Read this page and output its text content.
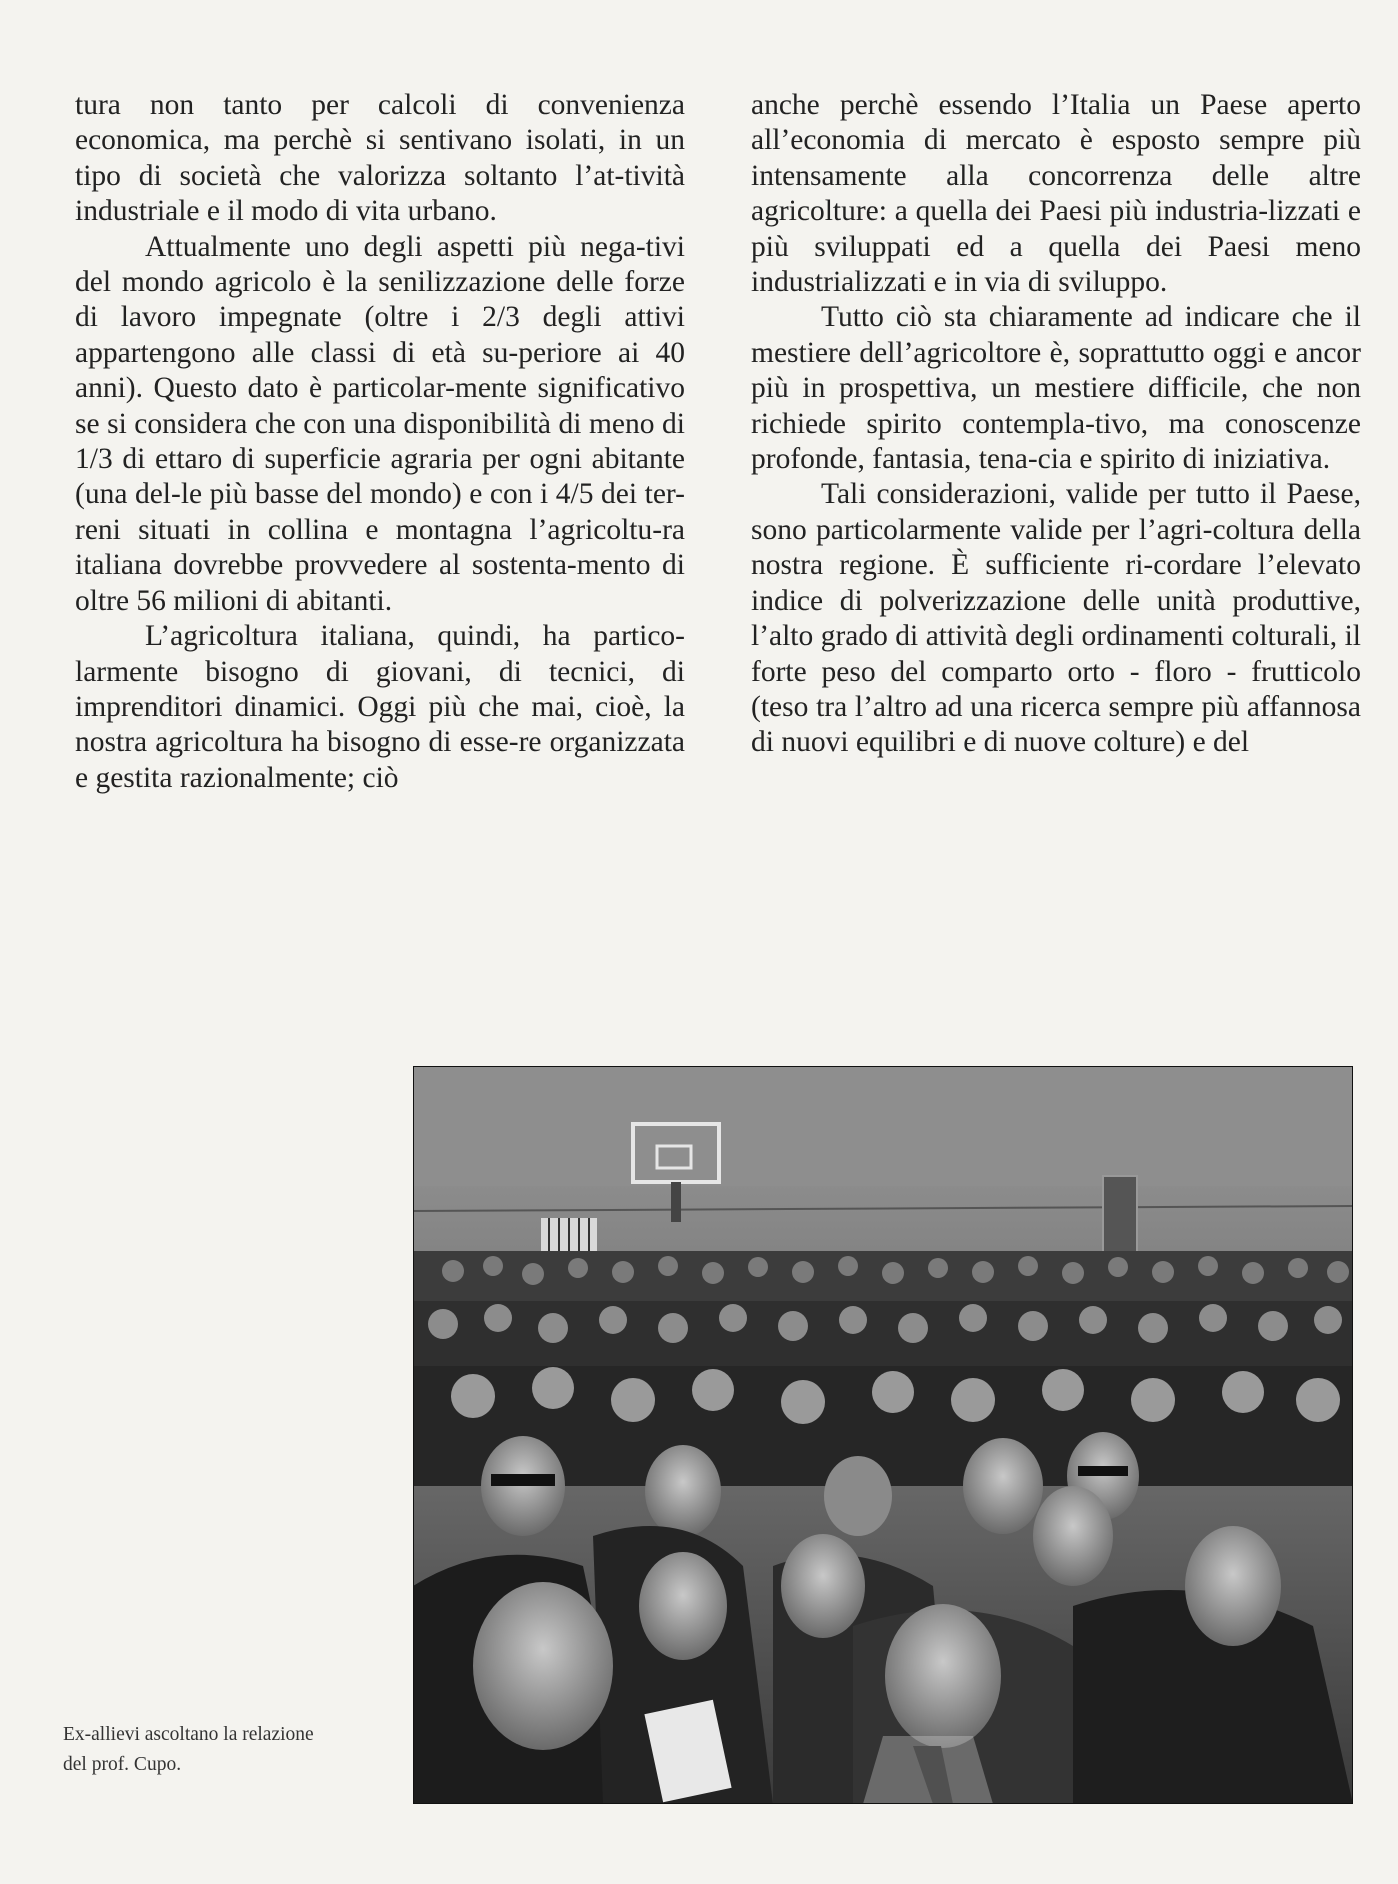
tura non tanto per calcoli di convenienza economica, ma perchè si sentivano isolati, in un tipo di società che valorizza soltanto l’at-tività industriale e il modo di vita urbano.

Attualmente uno degli aspetti più nega-tivi del mondo agricolo è la senilizzazione delle forze di lavoro impegnate (oltre i 2/3 degli attivi appartengono alle classi di età su-periore ai 40 anni). Questo dato è particolar-mente significativo se si considera che con una disponibilità di meno di 1/3 di ettaro di superficie agraria per ogni abitante (una del-le più basse del mondo) e con i 4/5 dei ter-reni situati in collina e montagna l’agricoltu-ra italiana dovrebbe provvedere al sostenta-mento di oltre 56 milioni di abitanti.

L’agricoltura italiana, quindi, ha partico-larmente bisogno di giovani, di tecnici, di imprenditori dinamici. Oggi più che mai, cioè, la nostra agricoltura ha bisogno di esse-re organizzata e gestita razionalmente; ciò

anche perchè essendo l’Italia un Paese aperto all’economia di mercato è esposto sempre più intensamente alla concorrenza delle altre agricolture: a quella dei Paesi più industria-lizzati e più sviluppati ed a quella dei Paesi meno industrializzati e in via di sviluppo.

Tutto ciò sta chiaramente ad indicare che il mestiere dell’agricoltore è, soprattutto oggi e ancor più in prospettiva, un mestiere difficile, che non richiede spirito contempla-tivo, ma conoscenze profonde, fantasia, tena-cia e spirito di iniziativa.

Tali considerazioni, valide per tutto il Paese, sono particolarmente valide per l’agri-coltura della nostra regione. È sufficiente ri-cordare l’elevato indice di polverizzazione delle unità produttive, l’alto grado di attività degli ordinamenti colturali, il forte peso del comparto orto - floro - frutticolo (teso tra l’altro ad una ricerca sempre più affannosa di nuovi equilibri e di nuove colture) e del

Ex-allievi ascoltano la relazione
del prof. Cupo.
